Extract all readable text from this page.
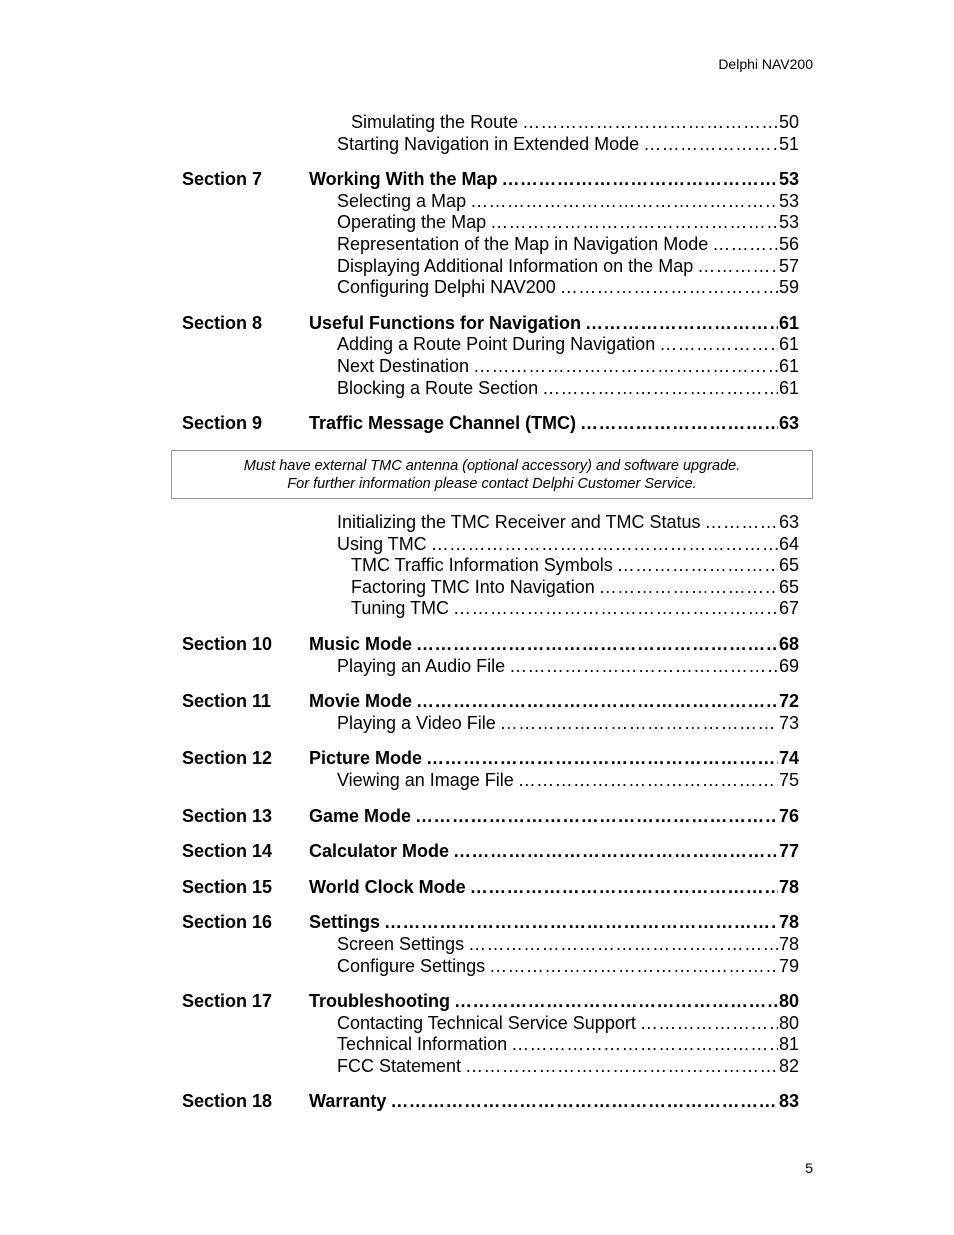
Delphi NAV200
Simulating the Route ……………………………………………………………………………………………………………………………………………………………………………………	50
Starting Navigation in Extended Mode ……………………………………………………………………………………………………………………………………………………………………………………	51
Section 7	Working With the Map ……………………………………………………………………………………………………………………………………………………………………………………	53
Selecting a Map ……………………………………………………………………………………………………………………………………………………………………………………	53
Operating the Map ……………………………………………………………………………………………………………………………………………………………………………………	53
Representation of the Map in Navigation Mode ……………………………………………………………………………………………………………………………………………………………………………………	56
Displaying Additional Information on the Map ……………………………………………………………………………………………………………………………………………………………………………………	57
Configuring Delphi NAV200 ……………………………………………………………………………………………………………………………………………………………………………………	59
Section 8	Useful Functions for Navigation ……………………………………………………………………………………………………………………………………………………………………………………	61
Adding a Route Point During Navigation ……………………………………………………………………………………………………………………………………………………………………………………	61
Next Destination ……………………………………………………………………………………………………………………………………………………………………………………	61
Blocking a Route Section ……………………………………………………………………………………………………………………………………………………………………………………	61
Section 9	Traffic Message Channel (TMC) ……………………………………………………………………………………………………………………………………………………………………………………	63
Must have external TMC antenna (optional accessory) and software upgrade.
For further information please contact Delphi Customer Service.
Initializing the TMC Receiver and TMC Status ……………………………………………………………………………………………………………………………………………………………………………………	63
Using TMC ……………………………………………………………………………………………………………………………………………………………………………………	64
TMC Traffic Information Symbols ……………………………………………………………………………………………………………………………………………………………………………………	65
Factoring TMC Into Navigation ……………………………………………………………………………………………………………………………………………………………………………………	65
Tuning TMC ……………………………………………………………………………………………………………………………………………………………………………………	67
Section 10	Music Mode ……………………………………………………………………………………………………………………………………………………………………………………	68
Playing an Audio File ……………………………………………………………………………………………………………………………………………………………………………………	69
Section 11	Movie Mode ……………………………………………………………………………………………………………………………………………………………………………………	72
Playing a Video File ……………………………………………………………………………………………………………………………………………………………………………………	73
Section 12	Picture Mode ……………………………………………………………………………………………………………………………………………………………………………………	74
Viewing an Image File ……………………………………………………………………………………………………………………………………………………………………………………	75
Section 13	Game Mode ……………………………………………………………………………………………………………………………………………………………………………………	76
Section 14	Calculator Mode ……………………………………………………………………………………………………………………………………………………………………………………	77
Section 15	World Clock Mode ……………………………………………………………………………………………………………………………………………………………………………………	78
Section 16	Settings ……………………………………………………………………………………………………………………………………………………………………………………	78
Screen Settings ……………………………………………………………………………………………………………………………………………………………………………………	78
Configure Settings ……………………………………………………………………………………………………………………………………………………………………………………	79
Section 17	Troubleshooting ……………………………………………………………………………………………………………………………………………………………………………………	80
Contacting Technical Service Support ……………………………………………………………………………………………………………………………………………………………………………………	80
Technical Information ……………………………………………………………………………………………………………………………………………………………………………………	81
FCC Statement ……………………………………………………………………………………………………………………………………………………………………………………	82
Section 18	Warranty ……………………………………………………………………………………………………………………………………………………………………………………	83
5
